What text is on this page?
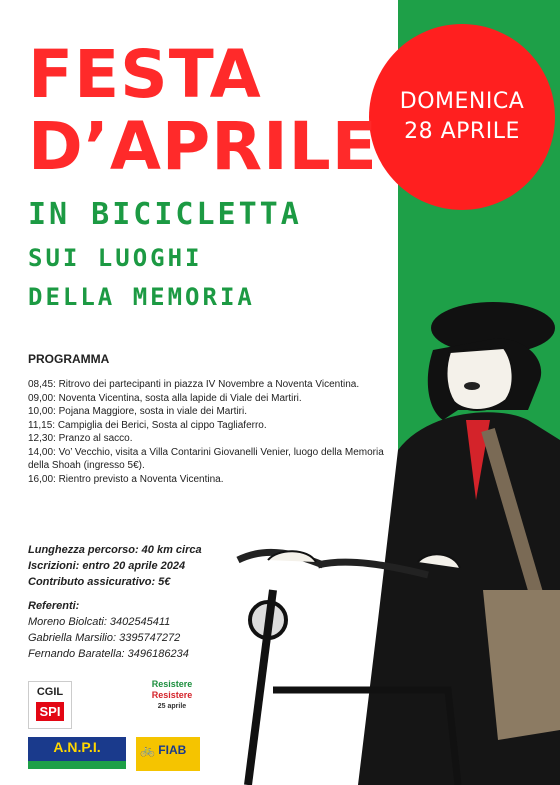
DOMENICA
28 APRILE
FESTA
D’APRILE
IN BICICLETTA
SUI LUOGHI
DELLA MEMORIA
PROGRAMMA
08,45: Ritrovo dei partecipanti in piazza IV Novembre a Noventa Vicentina.
09,00: Noventa Vicentina, sosta alla lapide di Viale dei Martiri.
10,00: Pojana Maggiore, sosta in viale dei Martiri.
11,15: Campiglia dei Berici, Sosta al cippo Tagliaferro.
12,30: Pranzo al sacco.
14,00: Vo’ Vecchio, visita a Villa Contarini Giovanelli Venier, luogo della Memoria della Shoah (ingresso 5€).
16,00: Rientro previsto a Noventa Vicentina.
Lunghezza percorso: 40 km circa
Iscrizioni: entro 20 aprile 2024
Contributo assicurativo: 5€
Referenti:
Moreno Biolcati: 3402545411
Gabriella Marsilio: 3395747272
Fernando Baratella: 3496186234
CGIL
SPI
Resistere
Resistere
25 aprile
A.N.P.I.	🚲 FIAB
